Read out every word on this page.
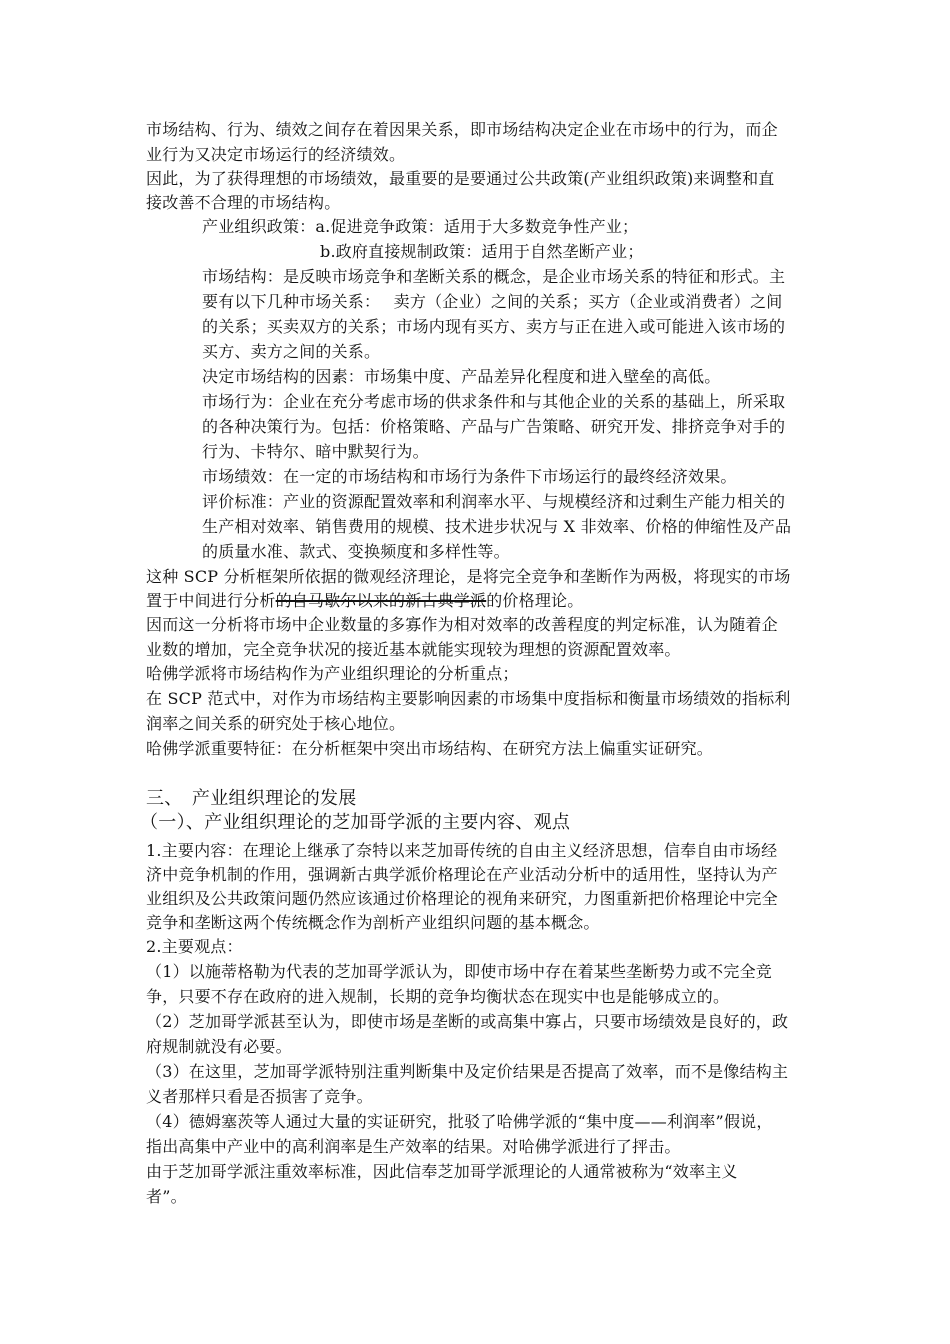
市场结构、行为、绩效之间存在着因果关系，即市场结构决定企业在市场中的行为，而企
业行为又决定市场运行的经济绩效。
因此，为了获得理想的市场绩效，最重要的是要通过公共政策(产业组织政策)来调整和直
接改善不合理的市场结构。
产业组织政策：a.促进竞争政策：适用于大多数竞争性产业；
b.政府直接规制政策：适用于自然垄断产业；
市场结构：是反映市场竞争和垄断关系的概念，是企业市场关系的特征和形式。主
要有以下几种市场关系：　 卖方（企业）之间的关系；买方（企业或消费者）之间
的关系；买卖双方的关系；市场内现有买方、卖方与正在进入或可能进入该市场的
买方、卖方之间的关系。
决定市场结构的因素：市场集中度、产品差异化程度和进入壁垒的高低。
市场行为：企业在充分考虑市场的供求条件和与其他企业的关系的基础上，所采取
的各种决策行为。包括：价格策略、产品与广告策略、研究开发、排挤竞争对手的
行为、卡特尔、暗中默契行为。
市场绩效：在一定的市场结构和市场行为条件下市场运行的最终经济效果。
评价标准：产业的资源配置效率和利润率水平、与规模经济和过剩生产能力相关的
生产相对效率、销售费用的规模、技术进步状况与 X 非效率、价格的伸缩性及产品
的质量水准、款式、变换频度和多样性等。
这种 SCP 分析框架所依据的微观经济理论，是将完全竞争和垄断作为两极，将现实的市场
置于中间进行分析的自马歇尔以来的新古典学派的价格理论。
因而这一分析将市场中企业数量的多寡作为相对效率的改善程度的判定标准，认为随着企
业数的增加，完全竞争状况的接近基本就能实现较为理想的资源配置效率。
哈佛学派将市场结构作为产业组织理论的分析重点；
在 SCP 范式中，对作为市场结构主要影响因素的市场集中度指标和衡量市场绩效的指标利
润率之间关系的研究处于核心地位。
哈佛学派重要特征：在分析框架中突出市场结构、在研究方法上偏重实证研究。
三、　产业组织理论的发展
（一）、产业组织理论的芝加哥学派的主要内容、观点
1.主要内容：在理论上继承了奈特以来芝加哥传统的自由主义经济思想，信奉自由市场经
济中竞争机制的作用，强调新古典学派价格理论在产业活动分析中的适用性，坚持认为产
业组织及公共政策问题仍然应该通过价格理论的视角来研究，力图重新把价格理论中完全
竞争和垄断这两个传统概念作为剖析产业组织问题的基本概念。
2.主要观点：
（1）以施蒂格勒为代表的芝加哥学派认为，即使市场中存在着某些垄断势力或不完全竞
争，只要不存在政府的进入规制，长期的竞争均衡状态在现实中也是能够成立的。
（2）芝加哥学派甚至认为，即使市场是垄断的或高集中寡占，只要市场绩效是良好的，政
府规制就没有必要。
（3）在这里，芝加哥学派特别注重判断集中及定价结果是否提高了效率，而不是像结构主
义者那样只看是否损害了竞争。
（4）德姆塞茨等人通过大量的实证研究，批驳了哈佛学派的“集中度——利润率”假说，
指出高集中产业中的高利润率是生产效率的结果。对哈佛学派进行了抨击。
由于芝加哥学派注重效率标准，因此信奉芝加哥学派理论的人通常被称为“效率主义
者”。
